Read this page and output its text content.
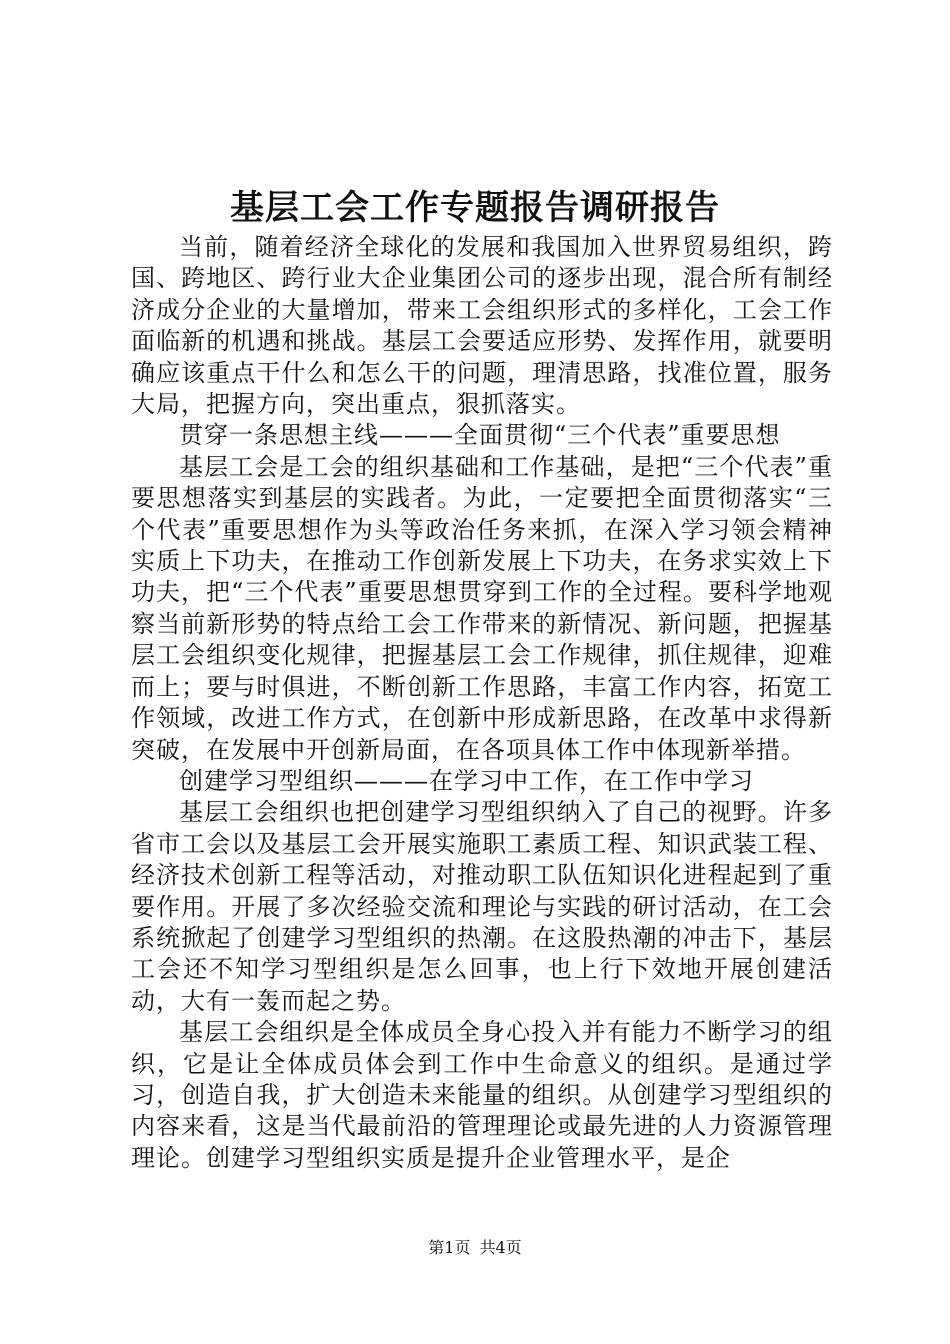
基层工会工作专题报告调研报告

当前，随着经济全球化的发展和我国加入世界贸易组织，跨国、跨地区、跨行业大企业集团公司的逐步出现，混合所有制经济成分企业的大量增加，带来工会组织形式的多样化，工会工作面临新的机遇和挑战。基层工会要适应形势、发挥作用，就要明确应该重点干什么和怎么干的问题，理清思路，找准位置，服务大局，把握方向，突出重点，狠抓落实。

贯穿一条思想主线———全面贯彻“三个代表”重要思想

基层工会是工会的组织基础和工作基础，是把“三个代表”重要思想落实到基层的实践者。为此，一定要把全面贯彻落实“三个代表”重要思想作为头等政治任务来抓，在深入学习领会精神实质上下功夫，在推动工作创新发展上下功夫，在务求实效上下功夫，把“三个代表”重要思想贯穿到工作的全过程。要科学地观察当前新形势的特点给工会工作带来的新情况、新问题，把握基层工会组织变化规律，把握基层工会工作规律，抓住规律，迎难而上；要与时俱进，不断创新工作思路，丰富工作内容，拓宽工作领域，改进工作方式，在创新中形成新思路，在改革中求得新突破，在发展中开创新局面，在各项具体工作中体现新举措。

创建学习型组织———在学习中工作，在工作中学习

基层工会组织也把创建学习型组织纳入了自己的视野。许多省市工会以及基层工会开展实施职工素质工程、知识武装工程、经济技术创新工程等活动，对推动职工队伍知识化进程起到了重要作用。开展了多次经验交流和理论与实践的研讨活动，在工会系统掀起了创建学习型组织的热潮。在这股热潮的冲击下，基层工会还不知学习型组织是怎么回事，也上行下效地开展创建活动，大有一轰而起之势。

基层工会组织是全体成员全身心投入并有能力不断学习的组织，它是让全体成员体会到工作中生命意义的组织。是通过学习，创造自我，扩大创造未来能量的组织。从创建学习型组织的内容来看，这是当代最前沿的管理理论或最先进的人力资源管理理论。创建学习型组织实质是提升企业管理水平，是企

第1页 共4页
